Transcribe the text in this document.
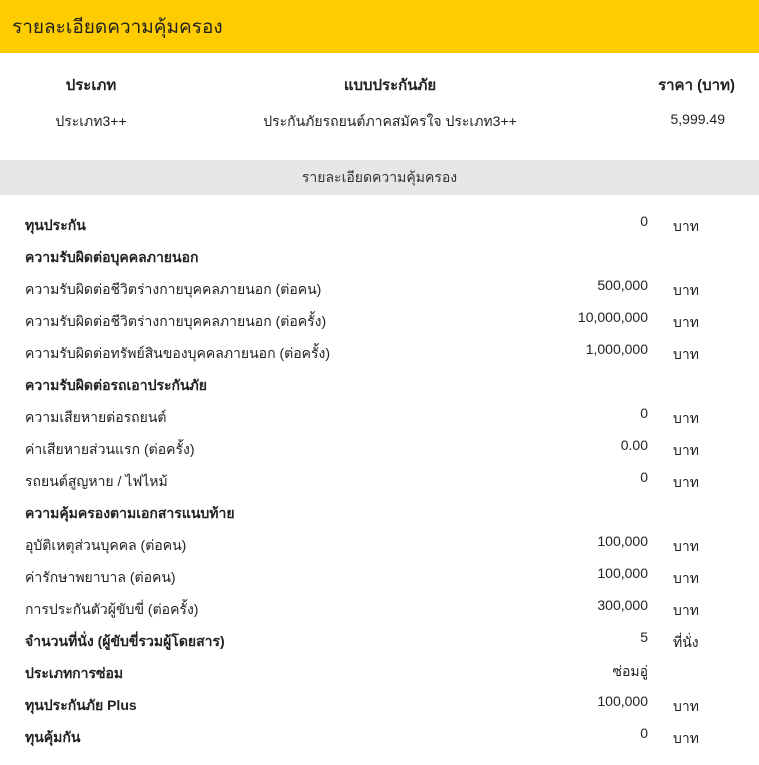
รายละเอียดความคุ้มครอง
ประเภท	แบบประกันภัย	ราคา (บาท)
ประเภท3++	ประกันภัยรถยนต์ภาคสมัครใจ ประเภท3++	5,999.49
รายละเอียดความคุ้มครอง
ทุนประกัน	0 บาท
ความรับผิดต่อบุคคลภายนอก
ความรับผิดต่อชีวิตร่างกายบุคคลภายนอก (ต่อคน)	500,000 บาท
ความรับผิดต่อชีวิตร่างกายบุคคลภายนอก (ต่อครั้ง)	10,000,000 บาท
ความรับผิดต่อทรัพย์สินของบุคคลภายนอก (ต่อครั้ง)	1,000,000 บาท
ความรับผิดต่อรถเอาประกันภัย
ความเสียหายต่อรถยนต์	0 บาท
ค่าเสียหายส่วนแรก (ต่อครั้ง)	0.00 บาท
รถยนต์สูญหาย / ไฟไหม้	0 บาท
ความคุ้มครองตามเอกสารแนบท้าย
อุบัติเหตุส่วนบุคคล (ต่อคน)	100,000 บาท
ค่ารักษาพยาบาล (ต่อคน)	100,000 บาท
การประกันตัวผู้ขับขี่ (ต่อครั้ง)	300,000 บาท
จำนวนที่นั่ง (ผู้ขับขี่รวมผู้โดยสาร)	5 ที่นั่ง
ประเภทการซ่อม	ซ่อมอู่
ทุนประกันภัย Plus	100,000 บาท
ทุนคุ้มกัน	0 บาท
